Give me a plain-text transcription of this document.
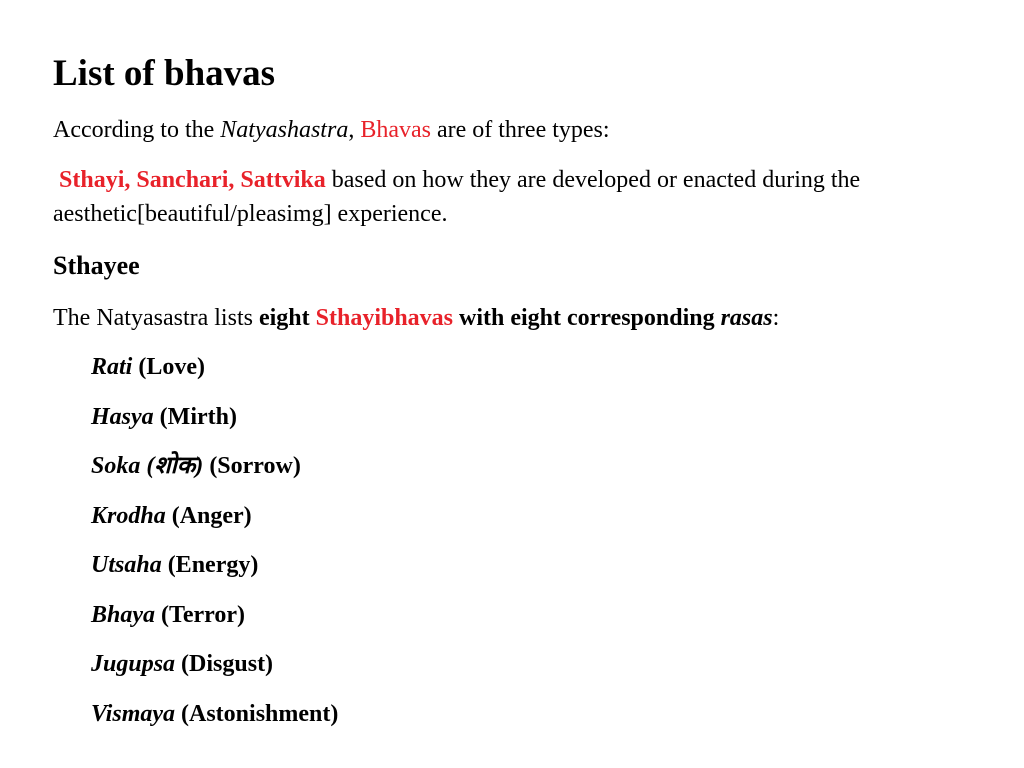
List of bhavas

According to the Natyashastra, Bhavas are of three types:

Sthayi, Sanchari, Sattvika based on how they are developed or enacted during the aesthetic[beautiful/pleasimg] experience.

Sthayee

The Natyasastra lists eight Sthayibhavas with eight corresponding rasas:

Rati (Love)
Hasya (Mirth)
Soka (शोक) (Sorrow)
Krodha (Anger)
Utsaha (Energy)
Bhaya (Terror)
Jugupsa (Disgust)
Vismaya (Astonishment)
